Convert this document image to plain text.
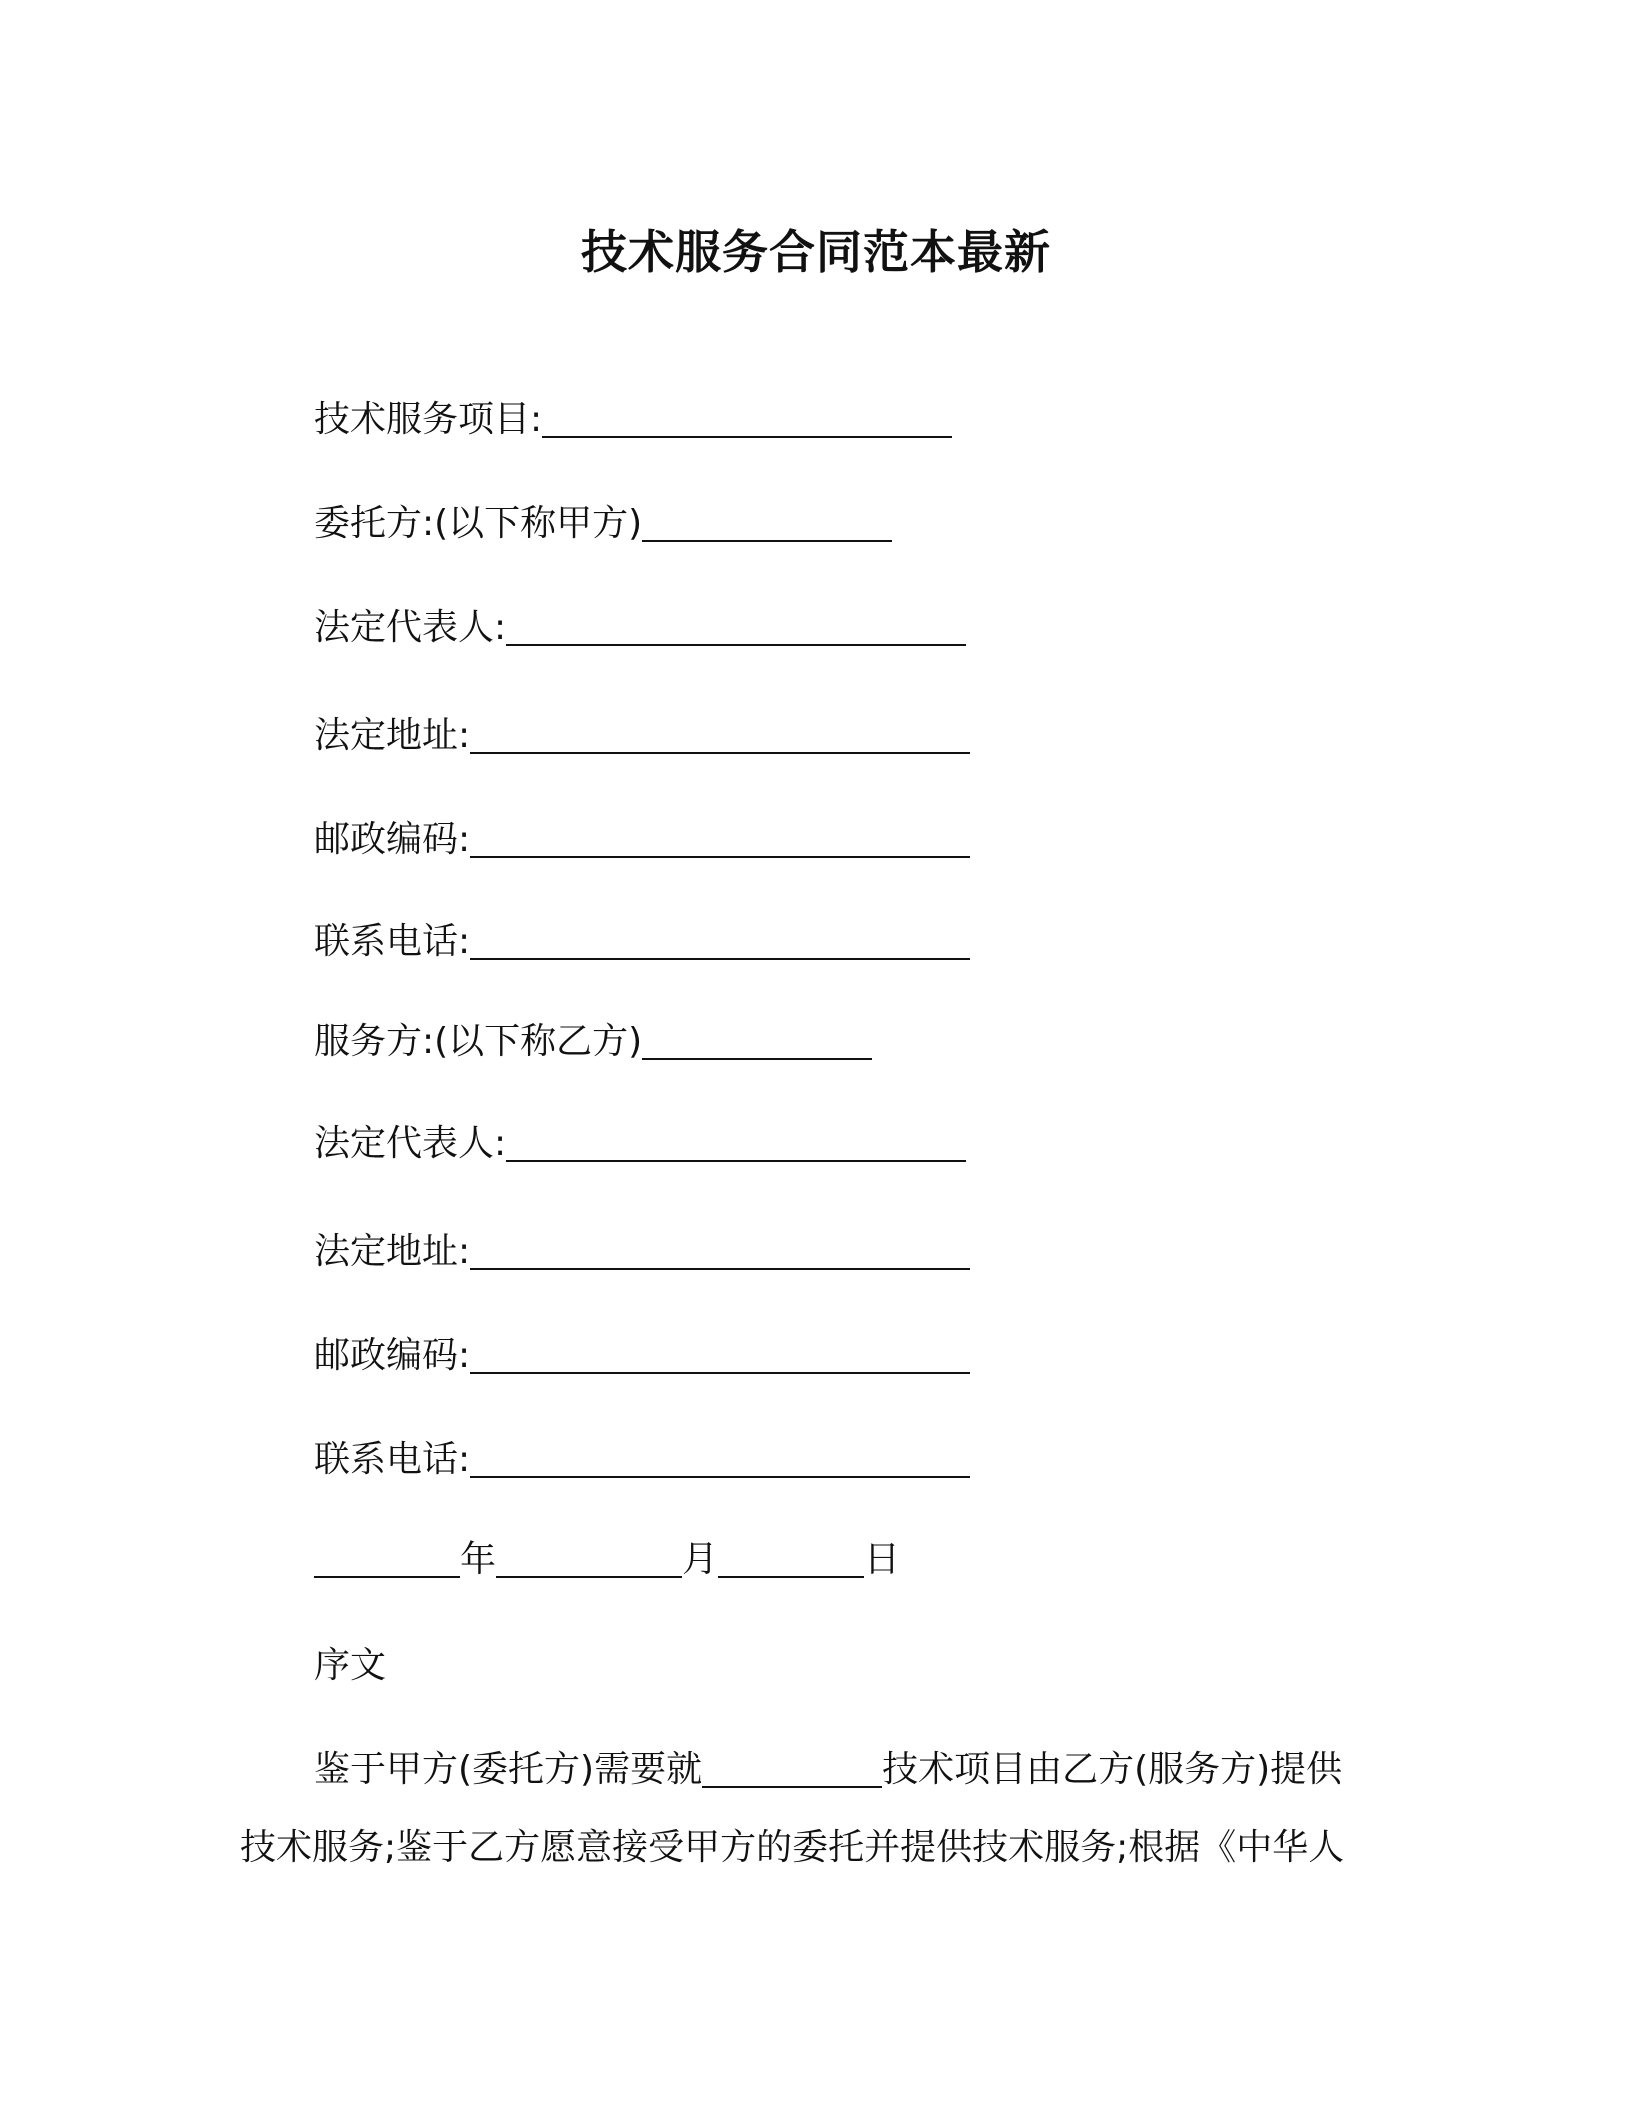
技术服务合同范本最新
技术服务项目:
委托方:(以下称甲方)
法定代表人:
法定地址:
邮政编码:
联系电话:
服务方:(以下称乙方)
法定代表人:
法定地址:
邮政编码:
联系电话:
年	月	日
序文
鉴于甲方(委托方)需要就	技术项目由乙方(服务方)提供
技术服务;鉴于乙方愿意接受甲方的委托并提供技术服务;根据《中华人
